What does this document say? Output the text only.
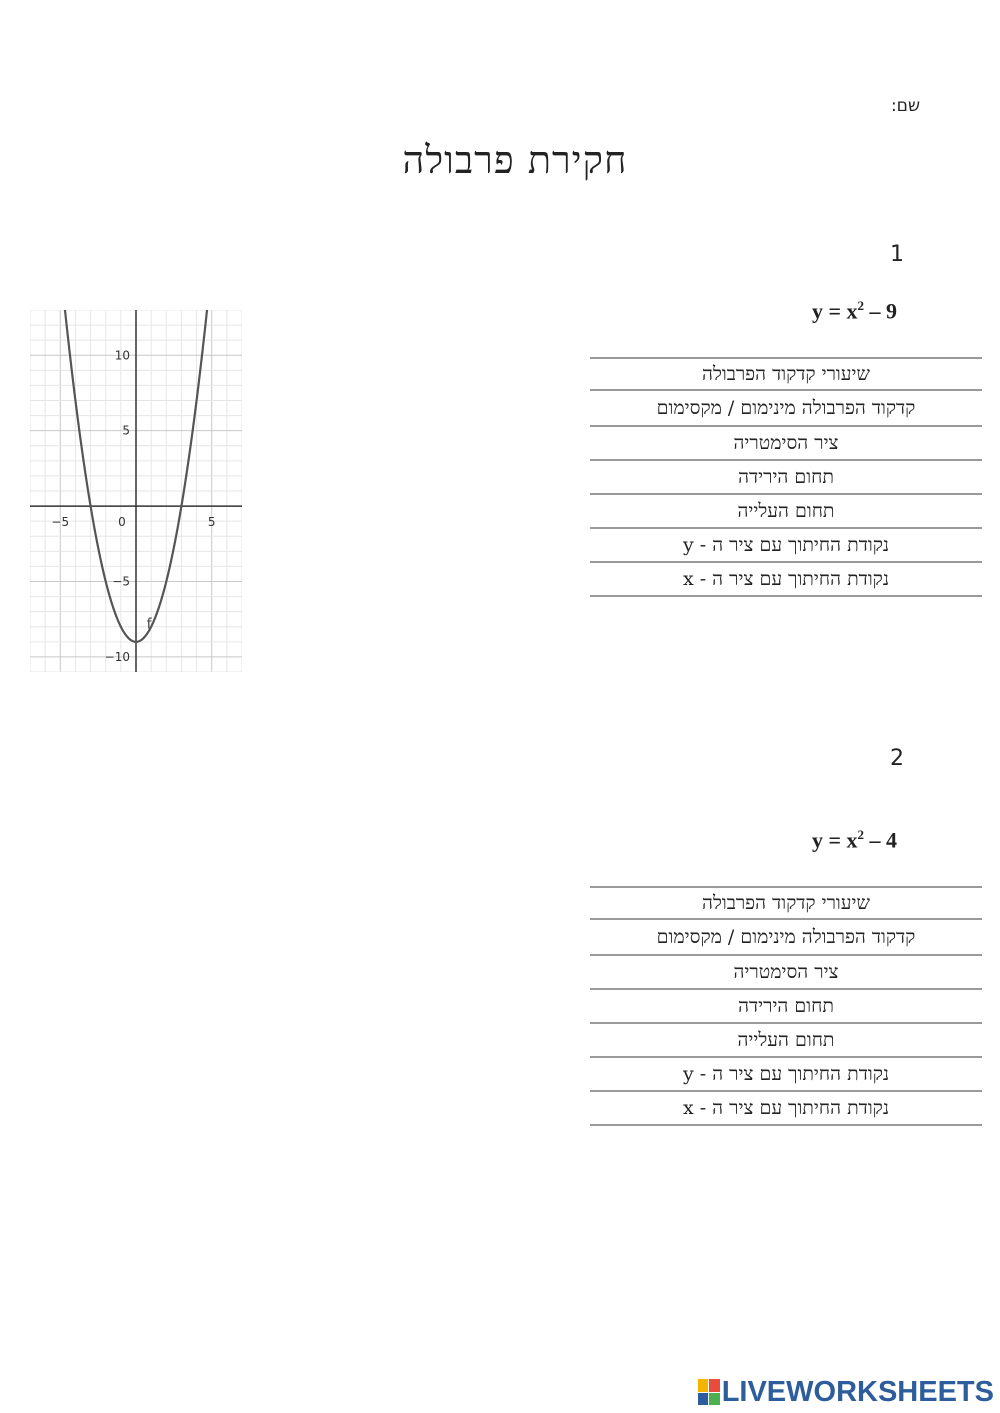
שם:
חקירת פרבולה
1
$y = x^2 - 9$
שיעורי קדקוד הפרבולה
קדקוד הפרבולה מינימום / מקסימום
ציר הסימטריה
תחום הירידה
תחום העלייה
נקודת החיתוך עם ציר ה - y
נקודת החיתוך עם ציר ה - x
−5	0	5
10
5
−5
−10
f
2
$y = x^2 - 4$
שיעורי קדקוד הפרבולה
קדקוד הפרבולה מינימום / מקסימום
ציר הסימטריה
תחום הירידה
תחום העלייה
נקודת החיתוך עם ציר ה - y
נקודת החיתוך עם ציר ה - x
LIVEWORKSHEETS
